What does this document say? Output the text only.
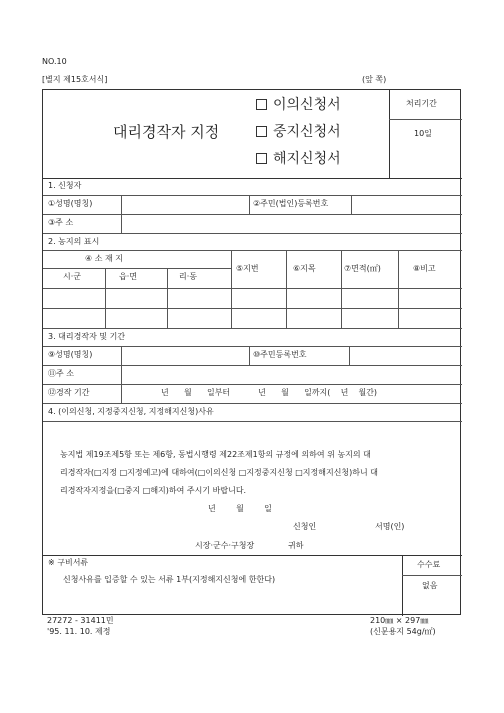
NO.10
[별지 제15호서식]	(앞 쪽)
처리기간
10일
대리경작자 지정
이의신청서
중지신청서
해지신청서
1. 신청자
①성명(명칭)	②주민(법인)등록번호
③주 소
2. 농지의 표시
④ 소 재 지
시·군	읍·면	리·동
⑤지번	⑥지목	⑦면적(㎡)	⑧비고
3. 대리경작자 및 기간
⑨성명(명칭)	⑩주민등록번호
⑪주 소
⑫경작 기간	년      월      일부터           년      월      일까지(    년    월간)
4. (이의신청, 지정중지신청, 지정해지신청)사유
농지법 제19조제5항 또는 제6항, 동법시행령 제22조제1항의 규정에 의하여 위 농지의 대
리경작자(□지정 □지정예고)에 대하여(□이의신청 □지정중지신청 □지정해지신청)하니 대
리경작자지정을(□중지 □해지)하여 주시기 바랍니다.
년        월        일
신청인	서명(인)
시장·군수·구청장	귀하
※ 구비서류
신청사유를 입증할 수 있는 서류 1부(지정해지신청에 한한다)
수수료
없음
27272 - 31411민
'95. 11. 10. 제정
210㎜ × 297㎜
(신문용지 54g/㎡)
